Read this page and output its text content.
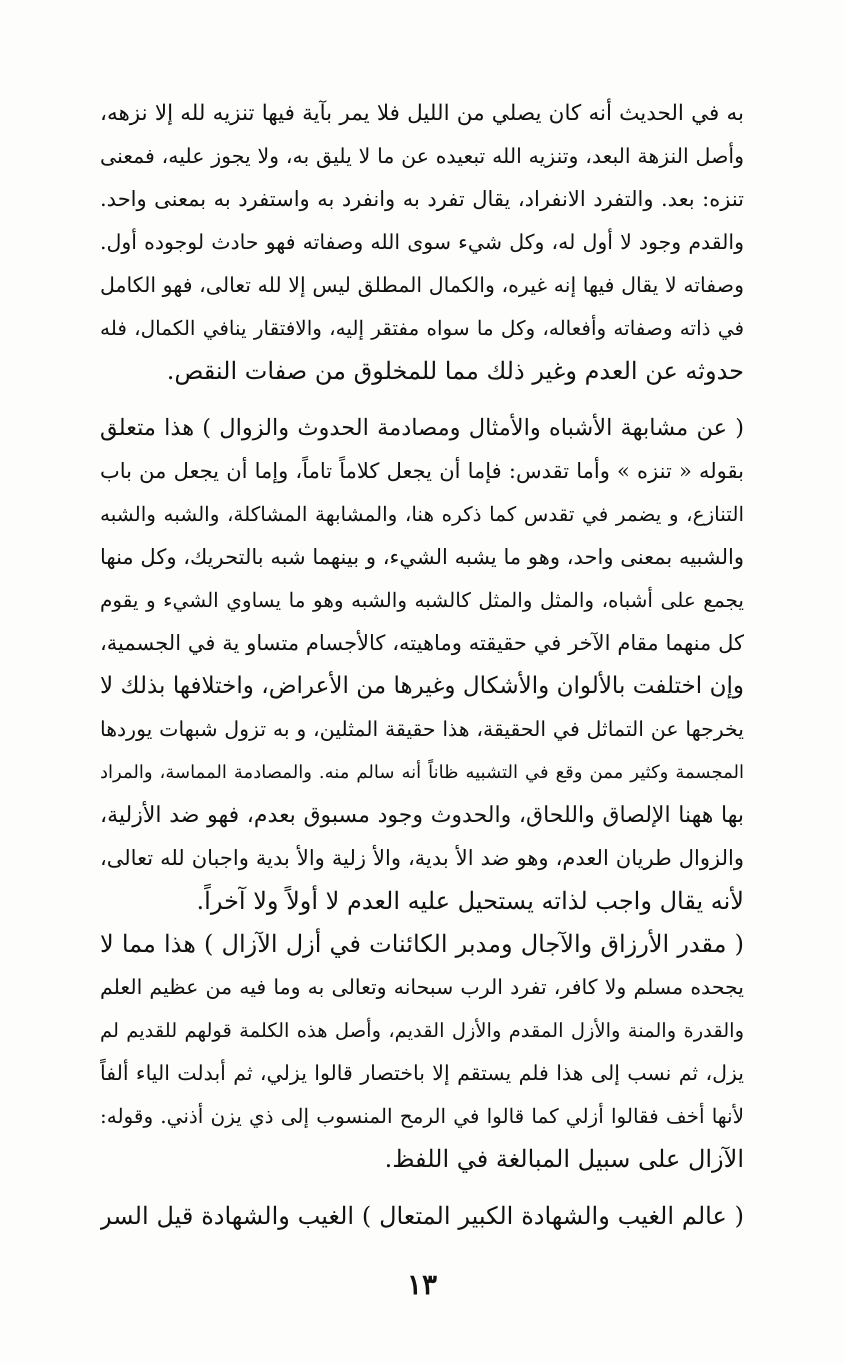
به في الحديث أنه كان يصلي من الليل فلا يمر بآية فيها تنزيه لله إلا نزهه،
وأصل النزهة البعد، وتنزيه الله تبعيده عن ما لا يليق به، ولا يجوز عليه، فمعنى
تنزه: بعد. والتفرد الانفراد، يقال تفرد به وانفرد به واستفرد به بمعنى واحد.
والقدم وجود لا أول له، وكل شيء سوى الله وصفاته فهو حادث لوجوده أول.
وصفاته لا يقال فيها إنه غيره، والكمال المطلق ليس إلا لله تعالى، فهو الكامل
في ذاته وصفاته وأفعاله، وكل ما سواه مفتقر إليه، والافتقار ينافي الكمال، فله
حدوثه عن العدم وغير ذلك مما للمخلوق من صفات النقص.
( عن مشابهة الأشباه والأمثال ومصادمة الحدوث والزوال ) هذا متعلق
بقوله « تنزه » وأما تقدس: فإما أن يجعل كلاماً تاماً، وإما أن يجعل من باب
التنازع، و يضمر في تقدس كما ذكره هنا، والمشابهة المشاكلة، والشبه والشبه
والشبيه بمعنى واحد، وهو ما يشبه الشيء، و بينهما شبه بالتحريك، وكل منها
يجمع على أشباه، والمثل والمثل كالشبه والشبه وهو ما يساوي الشيء و يقوم
كل منهما مقام الآخر في حقيقته وماهيته، كالأجسام متساو ية في الجسمية،
وإن اختلفت بالألوان والأشكال وغيرها من الأعراض، واختلافها بذلك لا
يخرجها عن التماثل في الحقيقة، هذا حقيقة المثلين، و به تزول شبهات يوردها
المجسمة وكثير ممن وقع في التشبيه ظاناً أنه سالم منه. والمصادمة المماسة، والمراد
بها ههنا الإلصاق واللحاق، والحدوث وجود مسبوق بعدم، فهو ضد الأزلية،
والزوال طريان العدم، وهو ضد الأ بدية، والأ زلية والأ بدية واجبان لله تعالى،
لأنه يقال واجب لذاته يستحيل عليه العدم لا أولاً ولا آخراً.
( مقدر الأرزاق والآجال ومدبر الكائنات في أزل الآزال ) هذا مما لا
يجحده مسلم ولا كافر، تفرد الرب سبحانه وتعالى به وما فيه من عظيم العلم
والقدرة والمنة والأزل المقدم والأزل القديم، وأصل هذه الكلمة قولهم للقديم لم
يزل، ثم نسب إلى هذا فلم يستقم إلا باختصار قالوا يزلي، ثم أبدلت الياء ألفاً
لأنها أخف فقالوا أزلي كما قالوا في الرمح المنسوب إلى ذي يزن أذني. وقوله:
الآزال على سبيل المبالغة في اللفظ.
( عالم الغيب والشهادة الكبير المتعال ) الغيب والشهادة قيل السر
١٣
